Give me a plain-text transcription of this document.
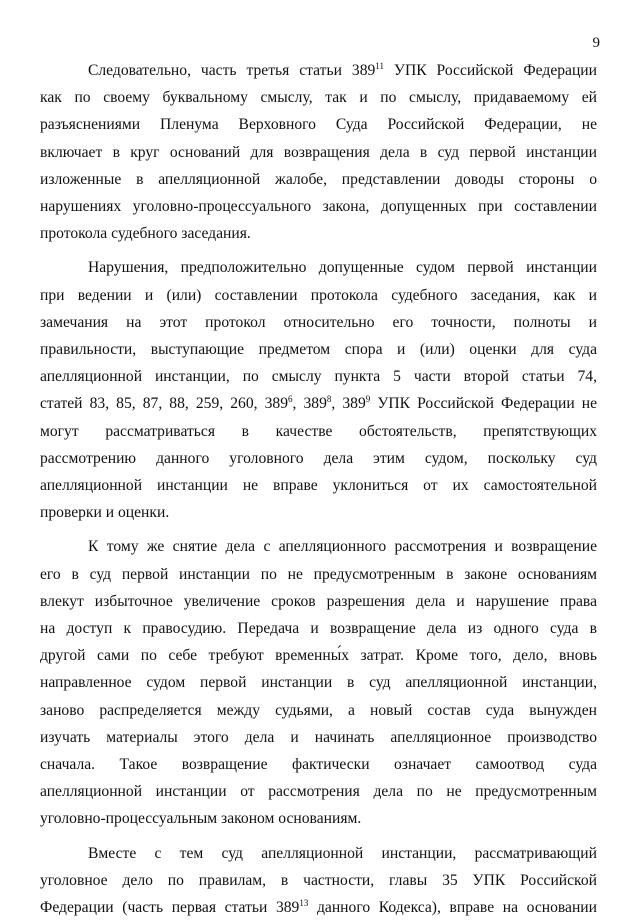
9
Следовательно, часть третья статьи $389^{11}$ УПК Российской Федерации
как по своему буквальному смыслу, так и по смыслу, придаваемому ей
разъяснениями Пленума Верховного Суда Российской Федерации, не
включает в круг оснований для возвращения дела в суд первой инстанции
изложенные в апелляционной жалобе, представлении доводы стороны о
нарушениях уголовно-процессуального закона, допущенных при составлении
протокола судебного заседания.
Нарушения, предположительно допущенные судом первой инстанции
при ведении и (или) составлении протокола судебного заседания, как и
замечания на этот протокол относительно его точности, полноты и
правильности, выступающие предметом спора и (или) оценки для суда
апелляционной инстанции, по смыслу пункта 5 части второй статьи 74,
статей 83, 85, 87, 88, 259, 260, $389^6$, $389^8$, $389^9$ УПК Российской Федерации не
могут рассматриваться в качестве обстоятельств, препятствующих
рассмотрению данного уголовного дела этим судом, поскольку суд
апелляционной инстанции не вправе уклониться от их самостоятельной
проверки и оценки.
К тому же снятие дела с апелляционного рассмотрения и возвращение
его в суд первой инстанции по не предусмотренным в законе основаниям
влекут избыточное увеличение сроков разрешения дела и нарушение права
на доступ к правосудию. Передача и возвращение дела из одного суда в
другой сами по себе требуют временны́х затрат. Кроме того, дело, вновь
направленное судом первой инстанции в суд апелляционной инстанции,
заново распределяется между судьями, а новый состав суда вынужден
изучать материалы этого дела и начинать апелляционное производство
сначала. Такое возвращение фактически означает самоотвод суда
апелляционной инстанции от рассмотрения дела по не предусмотренным
уголовно-процессуальным законом основаниям.
Вместе с тем суд апелляционной инстанции, рассматривающий
уголовное дело по правилам, в частности, главы 35 УПК Российской
Федерации (часть первая статьи $389^{13}$ данного Кодекса), вправе на основании
